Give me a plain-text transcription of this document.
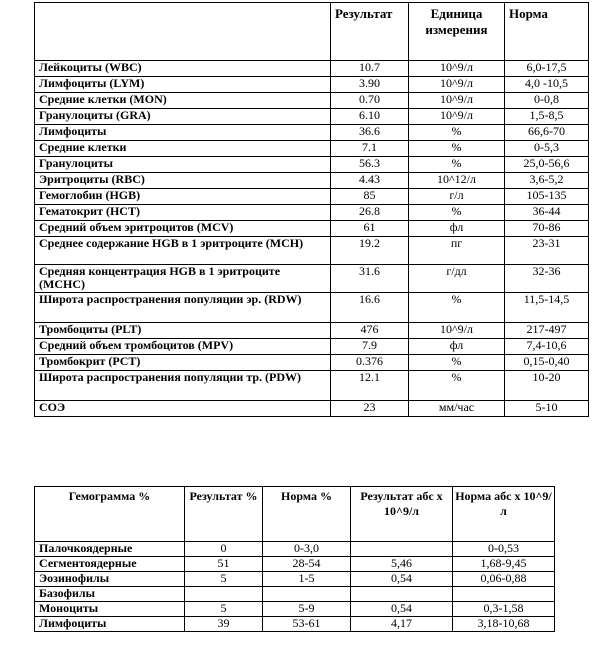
	Результат	Единица измерения	Норма
Лейкоциты (WBC)	10.7	10^9/л	6,0-17,5
Лимфоциты (LYM)	3.90	10^9/л	4,0 -10,5
Средние клетки (MON)	0.70	10^9/л	0-0,8
Гранулоциты (GRA)	6.10	10^9/л	1,5-8,5
Лимфоциты	36.6	%	66,6-70
Средние клетки	7.1	%	0-5,3
Гранулоциты	56.3	%	25,0-56,6
Эритроциты (RBC)	4.43	10^12/л	3,6-5,2
Гемоглобин (HGB)	85	г/л	105-135
Гематокрит (HCT)	26.8	%	36-44
Средний объем эритроцитов (MCV)	61	фл	70-86
Среднее содержание HGB в 1 эритроците (MCH)	19.2	пг	23-31
Средняя концентрация HGB в 1 эритроците (MCHC)	31.6	г/дл	32-36
Широта распространения популяции эр. (RDW)	16.6	%	11,5-14,5
Тромбоциты (PLT)	476	10^9/л	217-497
Средний объем тромбоцитов (MPV)	7.9	фл	7,4-10,6
Тромбокрит (PCT)	0.376	%	0,15-0,40
Широта распространения популяции тр. (PDW)	12.1	%	10-20
СОЭ	23	мм/час	5-10
Гемограмма %	Результат %	Норма %	Результат абс x 10^9/л	Норма абс x 10^9/л
Палочкоядерные	0	0-3,0		0-0,53
Сегментоядерные	51	28-54	5,46	1,68-9,45
Эозинофилы	5	1-5	0,54	0,06-0,88
Базофилы				
Моноциты	5	5-9	0,54	0,3-1,58
Лимфоциты	39	53-61	4,17	3,18-10,68
